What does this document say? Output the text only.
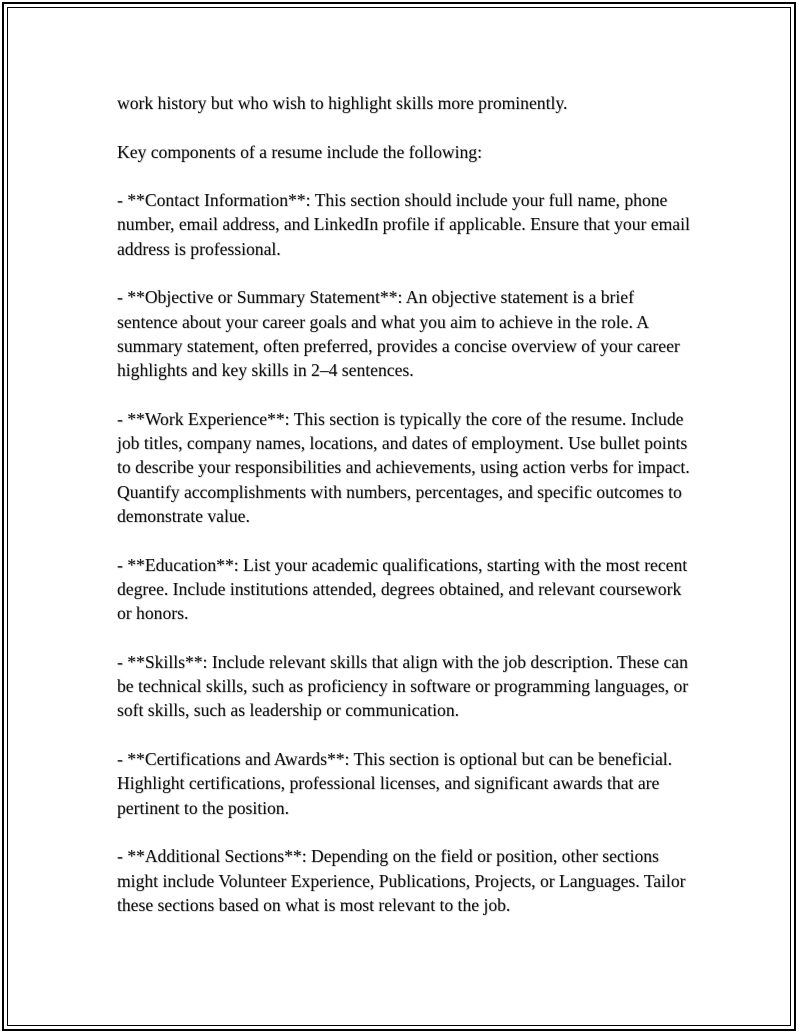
work history but who wish to highlight skills more prominently.

Key components of a resume include the following:

- **Contact Information**: This section should include your full name, phone number, email address, and LinkedIn profile if applicable. Ensure that your email address is professional.

- **Objective or Summary Statement**: An objective statement is a brief sentence about your career goals and what you aim to achieve in the role. A summary statement, often preferred, provides a concise overview of your career highlights and key skills in 2–4 sentences.

- **Work Experience**: This section is typically the core of the resume. Include job titles, company names, locations, and dates of employment. Use bullet points to describe your responsibilities and achievements, using action verbs for impact. Quantify accomplishments with numbers, percentages, and specific outcomes to demonstrate value.

- **Education**: List your academic qualifications, starting with the most recent degree. Include institutions attended, degrees obtained, and relevant coursework or honors.

- **Skills**: Include relevant skills that align with the job description. These can be technical skills, such as proficiency in software or programming languages, or soft skills, such as leadership or communication.

- **Certifications and Awards**: This section is optional but can be beneficial. Highlight certifications, professional licenses, and significant awards that are pertinent to the position.

- **Additional Sections**: Depending on the field or position, other sections might include Volunteer Experience, Publications, Projects, or Languages. Tailor these sections based on what is most relevant to the job.
